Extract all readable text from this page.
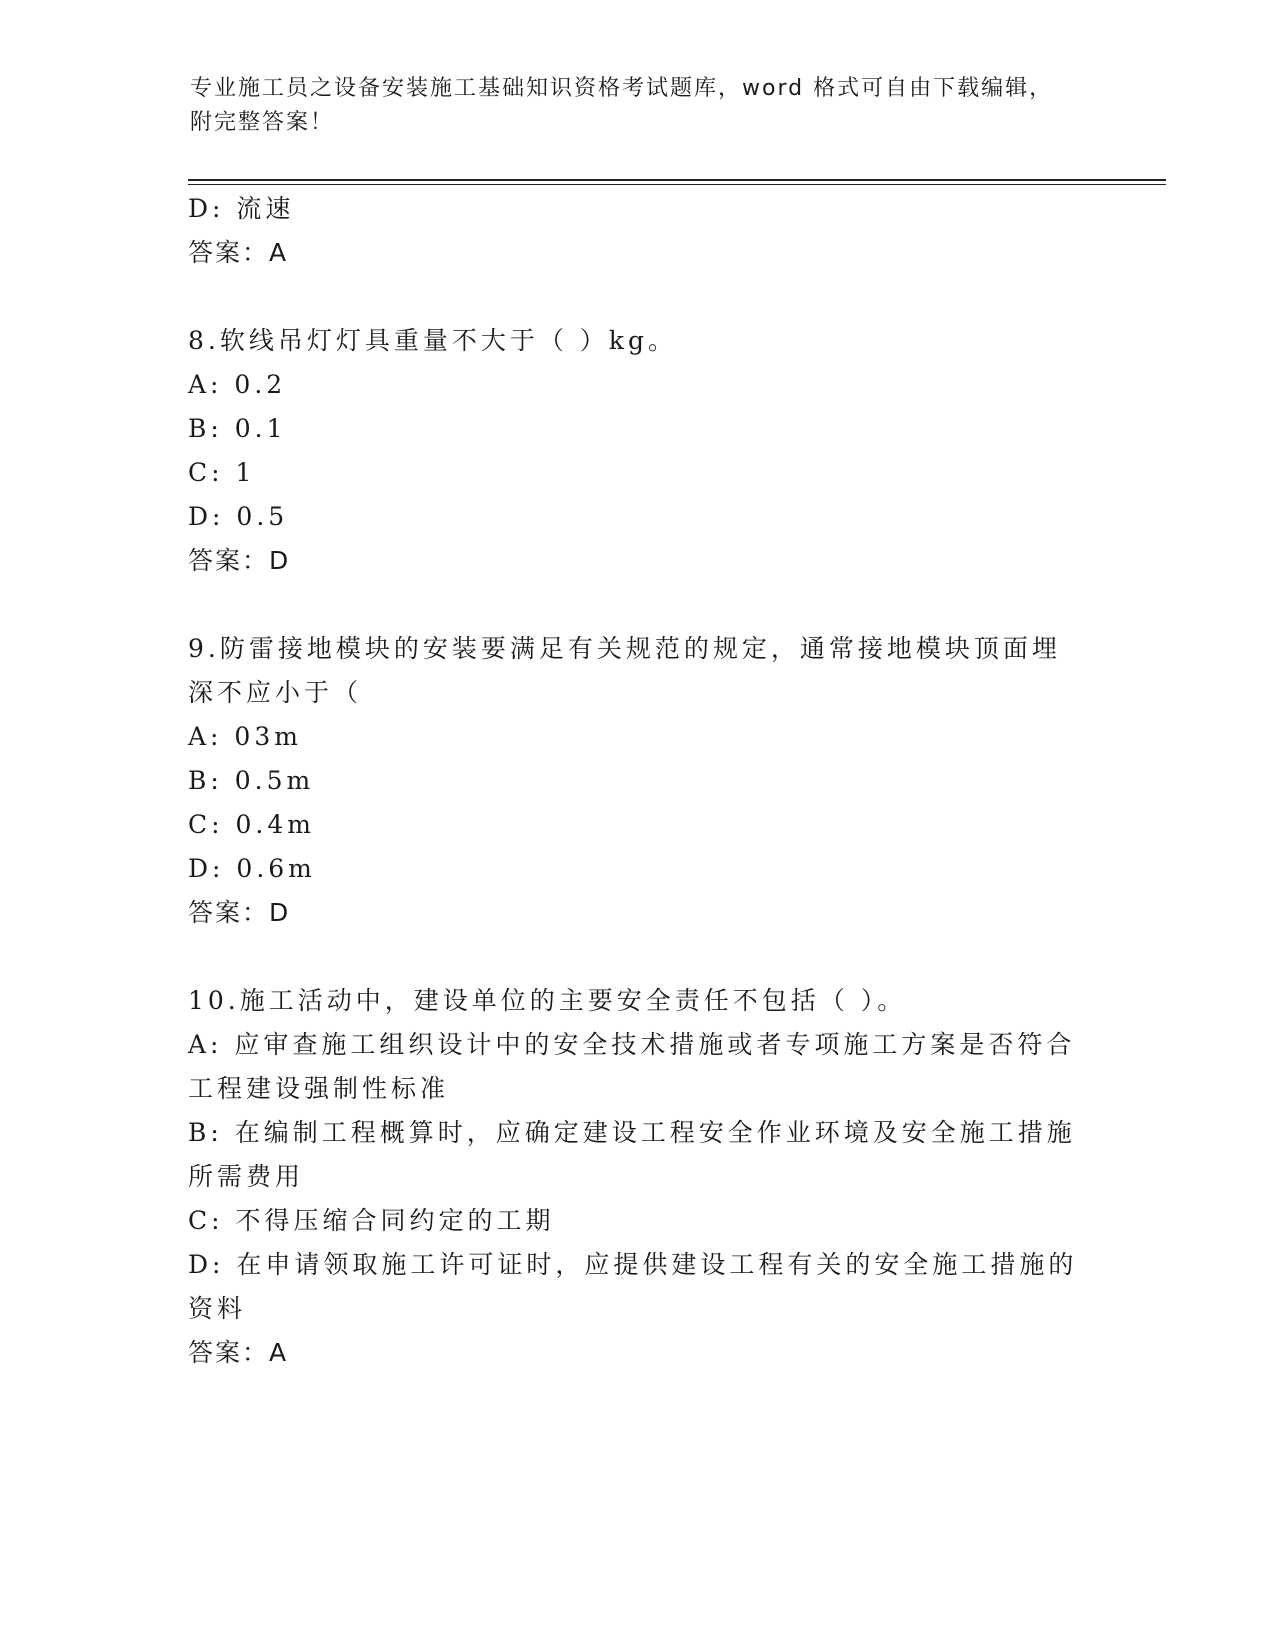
专业施工员之设备安装施工基础知识资格考试题库，word 格式可自由下载编辑，
附完整答案！
D: 流速
答案：A
8.软线吊灯灯具重量不大于（ ）kg。
A: 0.2
B: 0.1
C: 1
D: 0.5
答案：D
9.防雷接地模块的安装要满足有关规范的规定，通常接地模块顶面埋
深不应小于（
A: 03m
B: 0.5m
C: 0.4m
D: 0.6m
答案：D
10.施工活动中，建设单位的主要安全责任不包括（ ）。
A: 应审查施工组织设计中的安全技术措施或者专项施工方案是否符合
工程建设强制性标准
B: 在编制工程概算时，应确定建设工程安全作业环境及安全施工措施
所需费用
C: 不得压缩合同约定的工期
D: 在申请领取施工许可证时，应提供建设工程有关的安全施工措施的
资料
答案：A
